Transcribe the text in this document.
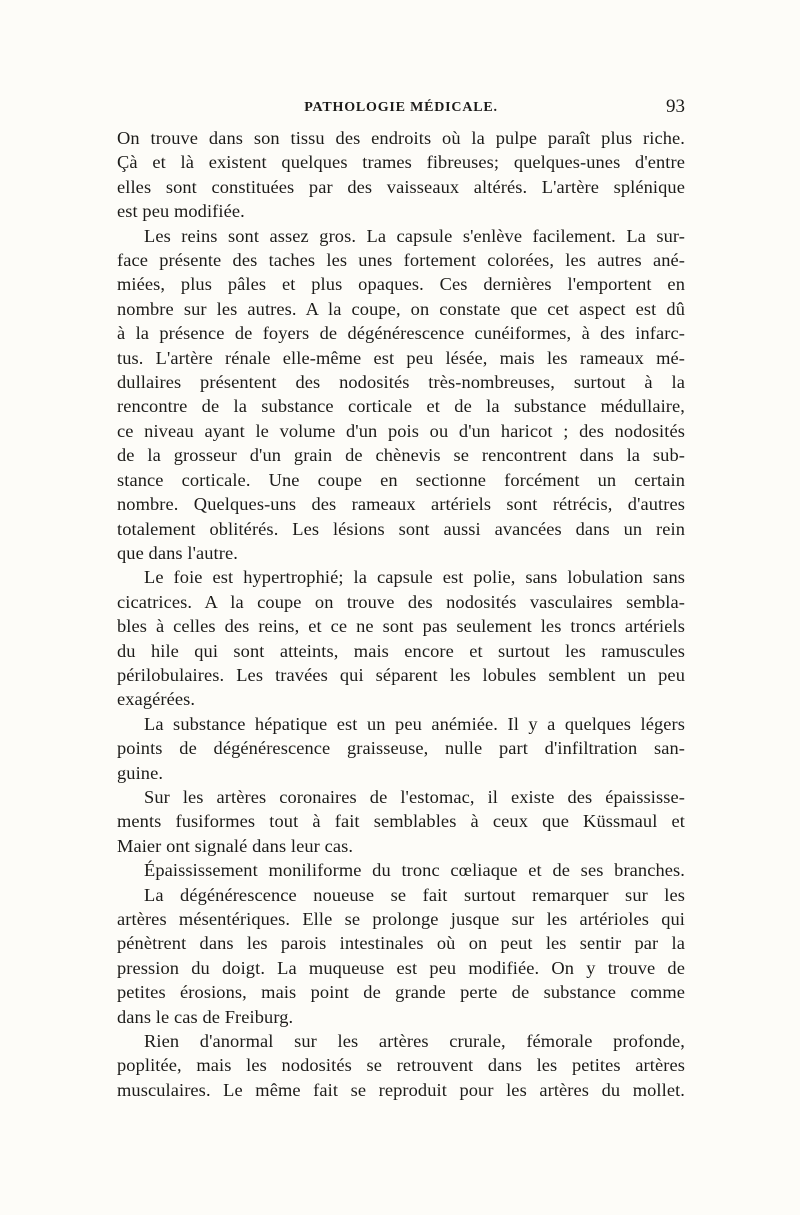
PATHOLOGIE MÉDICALE.	93

On trouve dans son tissu des endroits où la pulpe paraît plus riche.
Çà et là existent quelques trames fibreuses; quelques-unes d'entre
elles sont constituées par des vaisseaux altérés. L'artère splénique
est peu modifiée.

Les reins sont assez gros. La capsule s'enlève facilement. La sur-
face présente des taches les unes fortement colorées, les autres ané-
miées, plus pâles et plus opaques. Ces dernières l'emportent en
nombre sur les autres. A la coupe, on constate que cet aspect est dû
à la présence de foyers de dégénérescence cunéiformes, à des infarc-
tus. L'artère rénale elle-même est peu lésée, mais les rameaux mé-
dullaires présentent des nodosités très-nombreuses, surtout à la
rencontre de la substance corticale et de la substance médullaire,
ce niveau ayant le volume d'un pois ou d'un haricot ; des nodosités
de la grosseur d'un grain de chènevis se rencontrent dans la sub-
stance corticale. Une coupe en sectionne forcément un certain
nombre. Quelques-uns des rameaux artériels sont rétrécis, d'autres
totalement oblitérés. Les lésions sont aussi avancées dans un rein
que dans l'autre.

Le foie est hypertrophié; la capsule est polie, sans lobulation sans
cicatrices. A la coupe on trouve des nodosités vasculaires sembla-
bles à celles des reins, et ce ne sont pas seulement les troncs artériels
du hile qui sont atteints, mais encore et surtout les ramuscules
périlobulaires. Les travées qui séparent les lobules semblent un peu
exagérées.

La substance hépatique est un peu anémiée. Il y a quelques légers
points de dégénérescence graisseuse, nulle part d'infiltration san-
guine.

Sur les artères coronaires de l'estomac, il existe des épaississe-
ments fusiformes tout à fait semblables à ceux que Küssmaul et
Maier ont signalé dans leur cas.

Épaississement moniliforme du tronc cœliaque et de ses branches.

La dégénérescence noueuse se fait surtout remarquer sur les
artères mésentériques. Elle se prolonge jusque sur les artérioles qui
pénètrent dans les parois intestinales où on peut les sentir par la
pression du doigt. La muqueuse est peu modifiée. On y trouve de
petites érosions, mais point de grande perte de substance comme
dans le cas de Freiburg.

Rien d'anormal sur les artères crurale, fémorale profonde,
poplitée, mais les nodosités se retrouvent dans les petites artères
musculaires. Le même fait se reproduit pour les artères du mollet.
